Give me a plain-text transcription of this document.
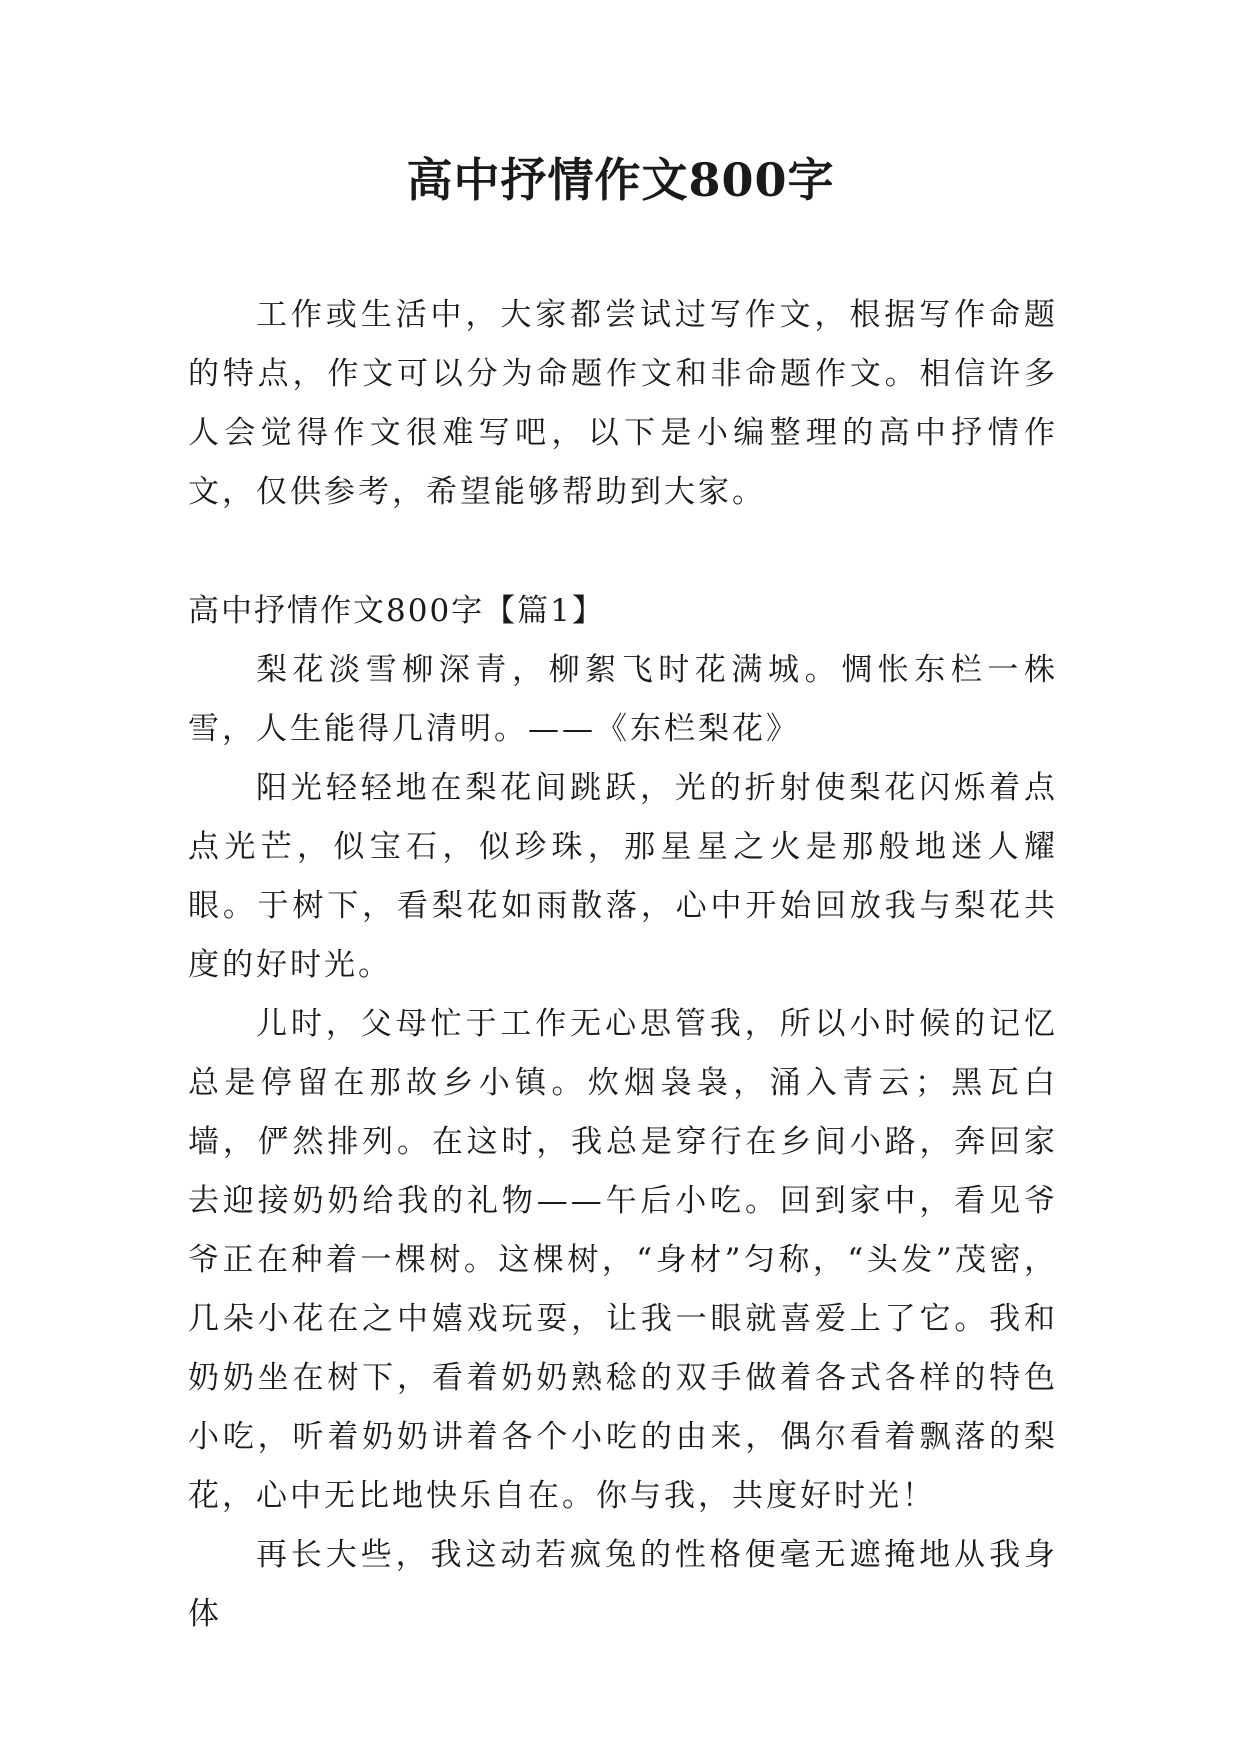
高中抒情作文800字

工作或生活中，大家都尝试过写作文，根据写作命题的特点，作文可以分为命题作文和非命题作文。相信许多人会觉得作文很难写吧，以下是小编整理的高中抒情作文，仅供参考，希望能够帮助到大家。

高中抒情作文800字【篇1】

梨花淡雪柳深青，柳絮飞时花满城。惆怅东栏一株雪，人生能得几清明。——《东栏梨花》

阳光轻轻地在梨花间跳跃，光的折射使梨花闪烁着点点光芒，似宝石，似珍珠，那星星之火是那般地迷人耀眼。于树下，看梨花如雨散落，心中开始回放我与梨花共度的好时光。

儿时，父母忙于工作无心思管我，所以小时候的记忆总是停留在那故乡小镇。炊烟袅袅，涌入青云；黑瓦白墙，俨然排列。在这时，我总是穿行在乡间小路，奔回家去迎接奶奶给我的礼物——午后小吃。回到家中，看见爷爷正在种着一棵树。这棵树，“身材”匀称，“头发”茂密，几朵小花在之中嬉戏玩耍，让我一眼就喜爱上了它。我和奶奶坐在树下，看着奶奶熟稔的双手做着各式各样的特色小吃，听着奶奶讲着各个小吃的由来，偶尔看着飘落的梨花，心中无比地快乐自在。你与我，共度好时光！

再长大些，我这动若疯兔的性格便毫无遮掩地从我身体
